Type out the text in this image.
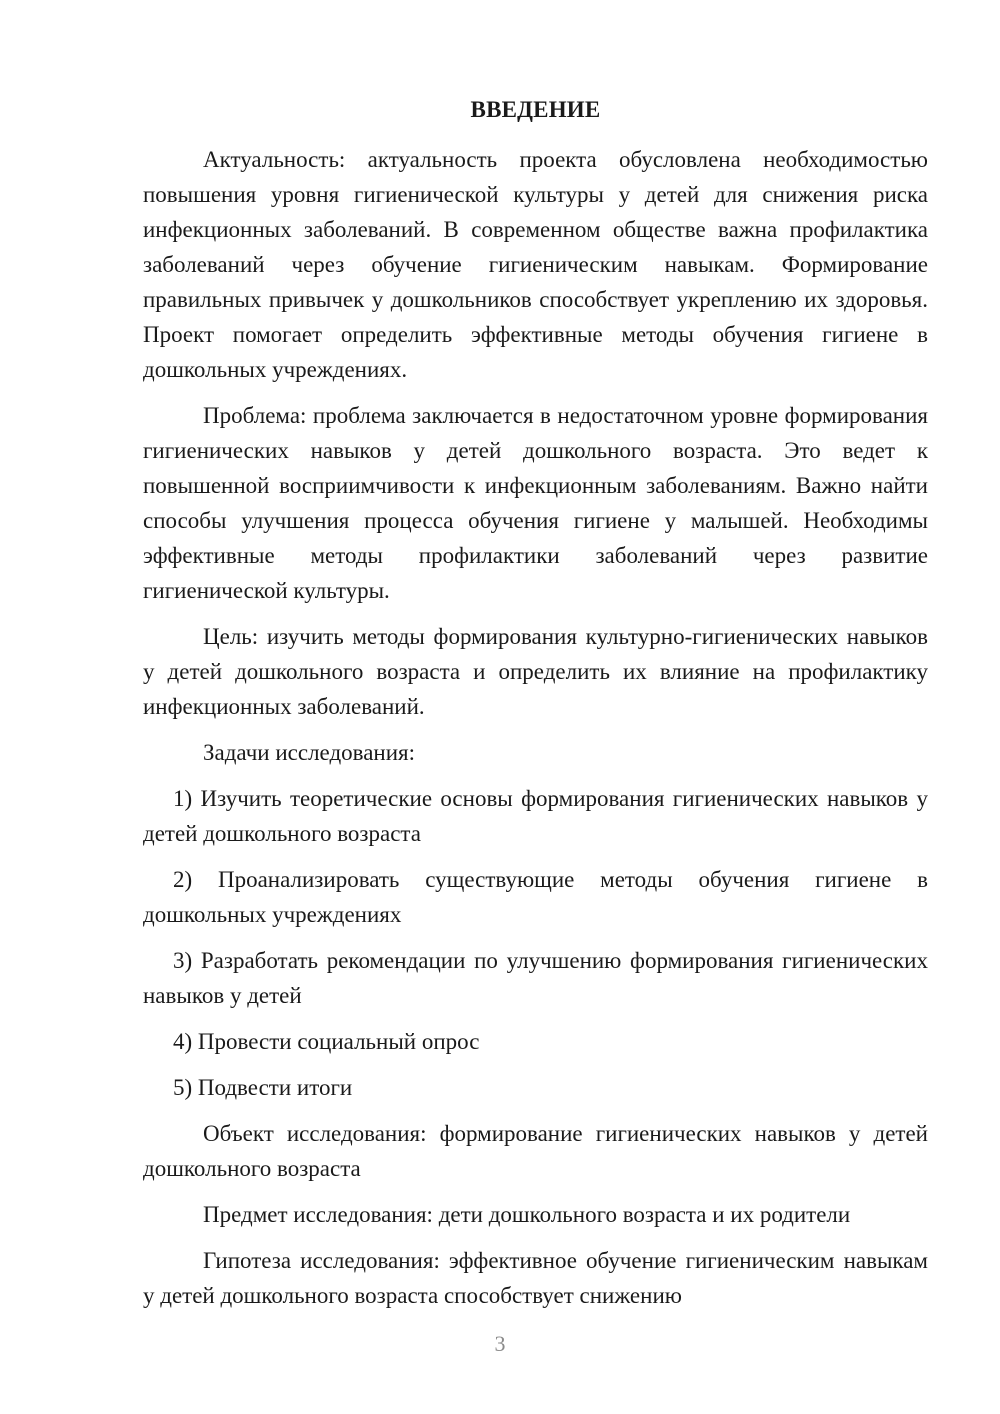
ВВЕДЕНИЕ

Актуальность: актуальность проекта обусловлена необходимостью повышения уровня гигиенической культуры у детей для снижения риска инфекционных заболеваний. В современном обществе важна профилактика заболеваний через обучение гигиеническим навыкам. Формирование правильных привычек у дошкольников способствует укреплению их здоровья. Проект помогает определить эффективные методы обучения гигиене в дошкольных учреждениях.

Проблема: проблема заключается в недостаточном уровне формирования гигиенических навыков у детей дошкольного возраста. Это ведет к повышенной восприимчивости к инфекционным заболеваниям. Важно найти способы улучшения процесса обучения гигиене у малышей. Необходимы эффективные методы профилактики заболеваний через развитие гигиенической культуры.

Цель: изучить методы формирования культурно-гигиенических навыков у детей дошкольного возраста и определить их влияние на профилактику инфекционных заболеваний.

Задачи исследования:

1) Изучить теоретические основы формирования гигиенических навыков у детей дошкольного возраста

2) Проанализировать существующие методы обучения гигиене в дошкольных учреждениях

3) Разработать рекомендации по улучшению формирования гигиенических навыков у детей

4) Провести социальный опрос

5) Подвести итоги

Объект исследования: формирование гигиенических навыков у детей дошкольного возраста

Предмет исследования: дети дошкольного возраста и их родители

Гипотеза исследования: эффективное обучение гигиеническим навыкам у детей дошкольного возраста способствует снижению

3
